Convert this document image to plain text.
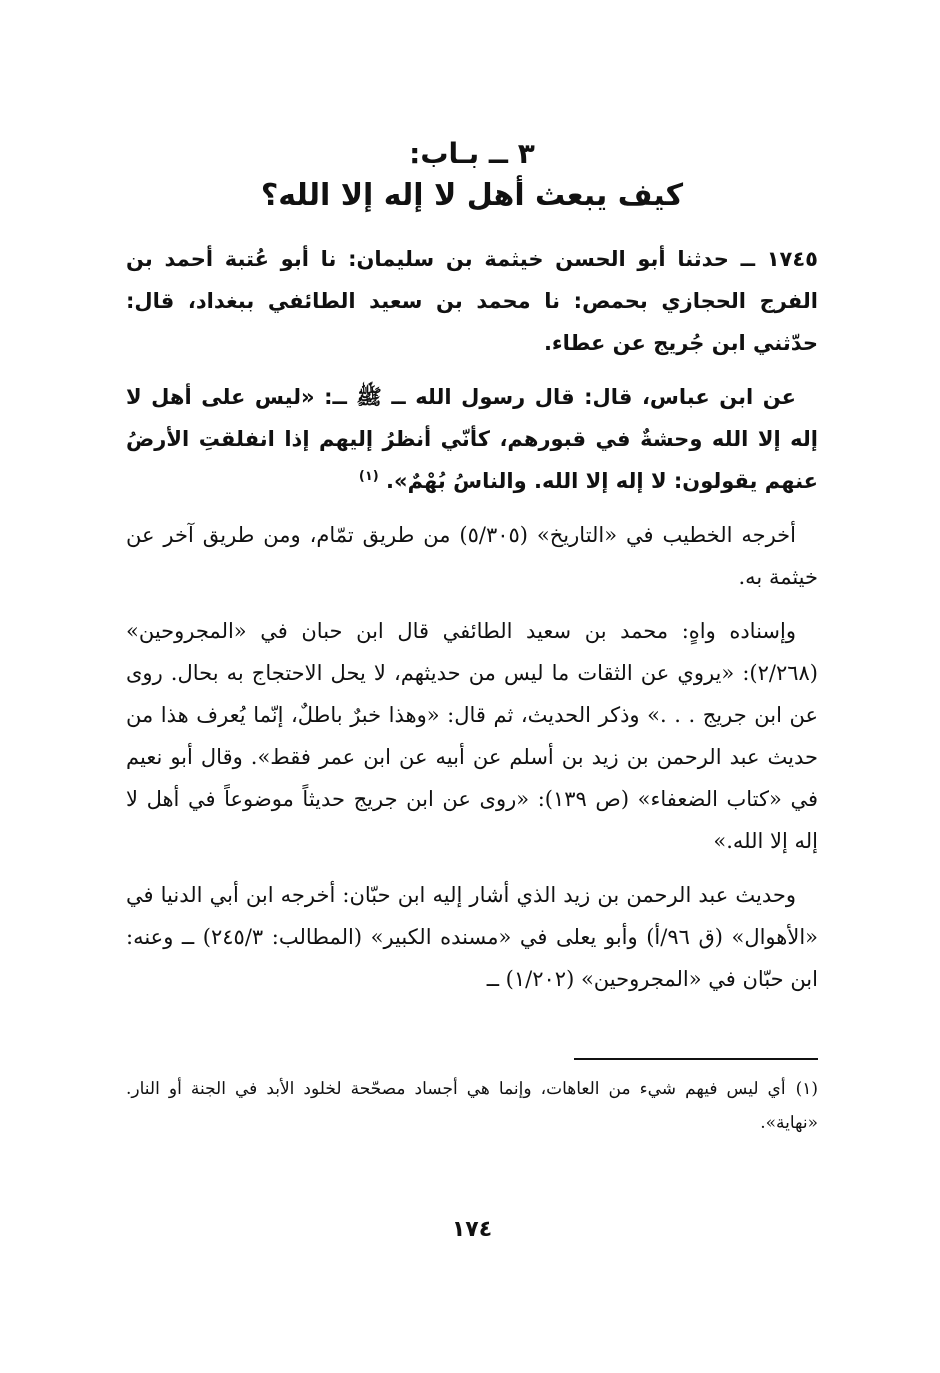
٣ ــ بـاب:
كيف يبعث أهل لا إله إلا الله؟

١٧٤٥ ــ حدثنا أبو الحسن خيثمة بن سليمان: نا أبو عُتبة أحمد بن الفرج الحجازي بحمص: نا محمد بن سعيد الطائفي ببغداد، قال: حدّثني ابن جُريج عن عطاء.

عن ابن عباس، قال: قال رسول الله ــ ﷺ ــ: «ليس على أهل لا إله إلا الله وحشةٌ في قبورهم، كأنّي أنظرُ إليهم إذا انفلقتِ الأرضُ عنهم يقولون: لا إله إلا الله. والناسُ بُهْمٌ». $^{(١)}$

أخرجه الخطيب في «التاريخ» (٥/٣٠٥) من طريق تمّام، ومن طريق آخر عن خيثمة به.

وإسناده واهٍ: محمد بن سعيد الطائفي قال ابن حبان في «المجروحين» (٢/٢٦٨): «يروي عن الثقات ما ليس من حديثهم، لا يحل الاحتجاج به بحال. روى عن ابن جريج . . .» وذكر الحديث، ثم قال: «وهذا خبرٌ باطلٌ، إنّما يُعرف هذا من حديث عبد الرحمن بن زيد بن أسلم عن أبيه عن ابن عمر فقط». وقال أبو نعيم في «كتاب الضعفاء» (ص ١٣٩): «روى عن ابن جريج حديثاً موضوعاً في أهل لا إله إلا الله.»

وحديث عبد الرحمن بن زيد الذي أشار إليه ابن حبّان: أخرجه ابن أبي الدنيا في «الأهوال» (ق ٩٦/أ) وأبو يعلى في «مسنده الكبير» (المطالب: ٢٤٥/٣) ــ وعنه: ابن حبّان في «المجروحين» (١/٢٠٢) ــ

(١)أي ليس فيهم شيء من العاهات، وإنما هي أجساد مصحّحة لخلود الأبد في الجنة أو النار. «نهاية».

١٧٤
